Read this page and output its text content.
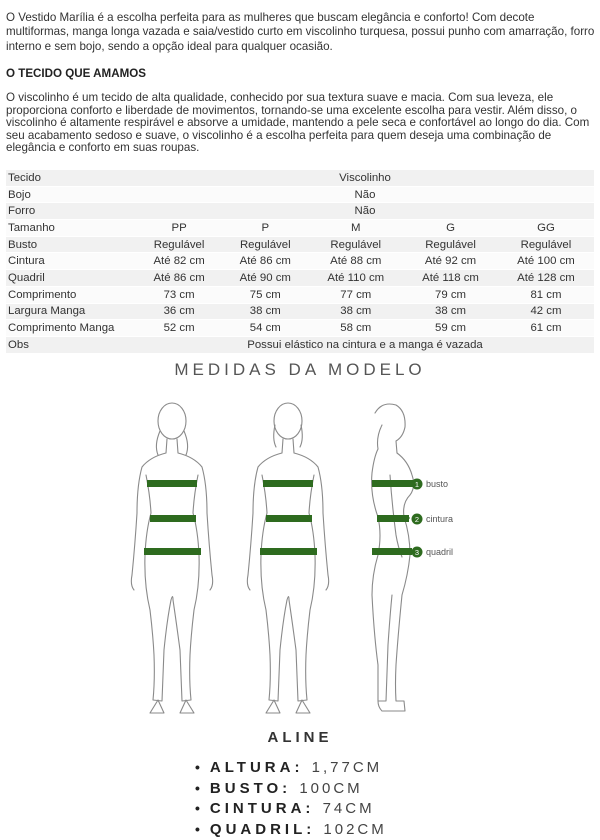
O Vestido Marília é a escolha perfeita para as mulheres que buscam elegância e conforto! Com decote multiformas, manga longa vazada e saia/vestido curto em viscolinho turquesa, possui punho com amarração, forro interno e sem bojo, sendo a opção ideal para qualquer ocasião.

O TECIDO QUE AMAMOS

O viscolinho é um tecido de alta qualidade, conhecido por sua textura suave e macia. Com sua leveza, ele proporciona conforto e liberdade de movimentos, tornando-se uma excelente escolha para vestir. Além disso, o viscolinho é altamente respirável e absorve a umidade, mantendo a pele seca e confortável ao longo do dia. Com seu acabamento sedoso e suave, o viscolinho é a escolha perfeita para quem deseja uma combinação de elegância e conforto em suas roupas.

Tecido	Viscolinho				
Bojo	Não				
Forro	Não				
Tamanho	PP	P	M	G	GG
Busto	Regulável	Regulável	Regulável	Regulável	Regulável
Cintura	Até 82 cm	Até 86 cm	Até 88 cm	Até 92 cm	Até 100 cm
Quadril	Até 86 cm	Até 90 cm	Até 110 cm	Até 118 cm	Até 128 cm
Comprimento	73 cm	75 cm	77 cm	79 cm	81 cm
Largura Manga	36 cm	38 cm	38 cm	38 cm	42 cm
Comprimento Manga	52 cm	54 cm	58 cm	59 cm	61 cm
Obs	Possui elástico na cintura e a manga é vazada				
MEDIDAS DA MODELO
1 busto
2 cintura
3 quadril
ALINE
• ALTURA: 1,77CM
• BUSTO: 100CM
• CINTURA: 74CM
• QUADRIL: 102CM
